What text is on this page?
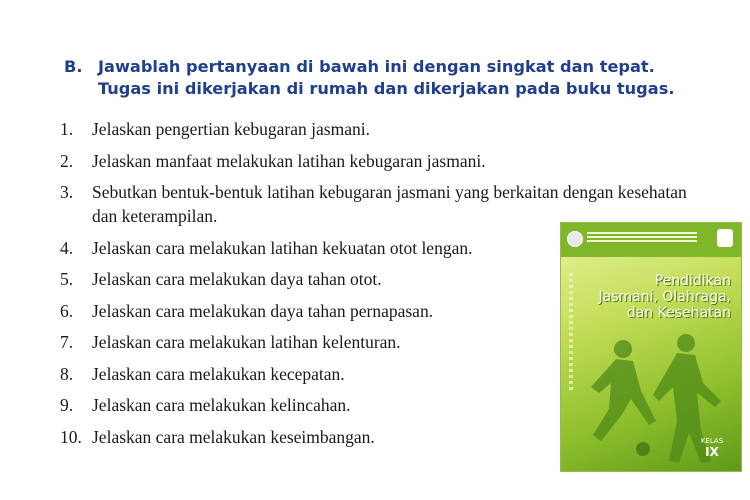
B. Jawablah pertanyaan di bawah ini dengan singkat dan tepat. Tugas ini dikerjakan di rumah dan dikerjakan pada buku tugas.
1. Jelaskan pengertian kebugaran jasmani.
2. Jelaskan manfaat melakukan latihan kebugaran jasmani.
3. Sebutkan bentuk-bentuk latihan kebugaran jasmani yang berkaitan dengan kesehatan dan keterampilan.
4. Jelaskan cara melakukan latihan kekuatan otot lengan.
5. Jelaskan cara melakukan daya tahan otot.
6. Jelaskan cara melakukan daya tahan pernapasan.
7. Jelaskan cara melakukan latihan kelenturan.
8. Jelaskan cara melakukan kecepatan.
9. Jelaskan cara melakukan kelincahan.
10. Jelaskan cara melakukan keseimbangan.
Pendidikan
Jasmani, Olahraga,
dan Kesehatan
KELAS
IX
